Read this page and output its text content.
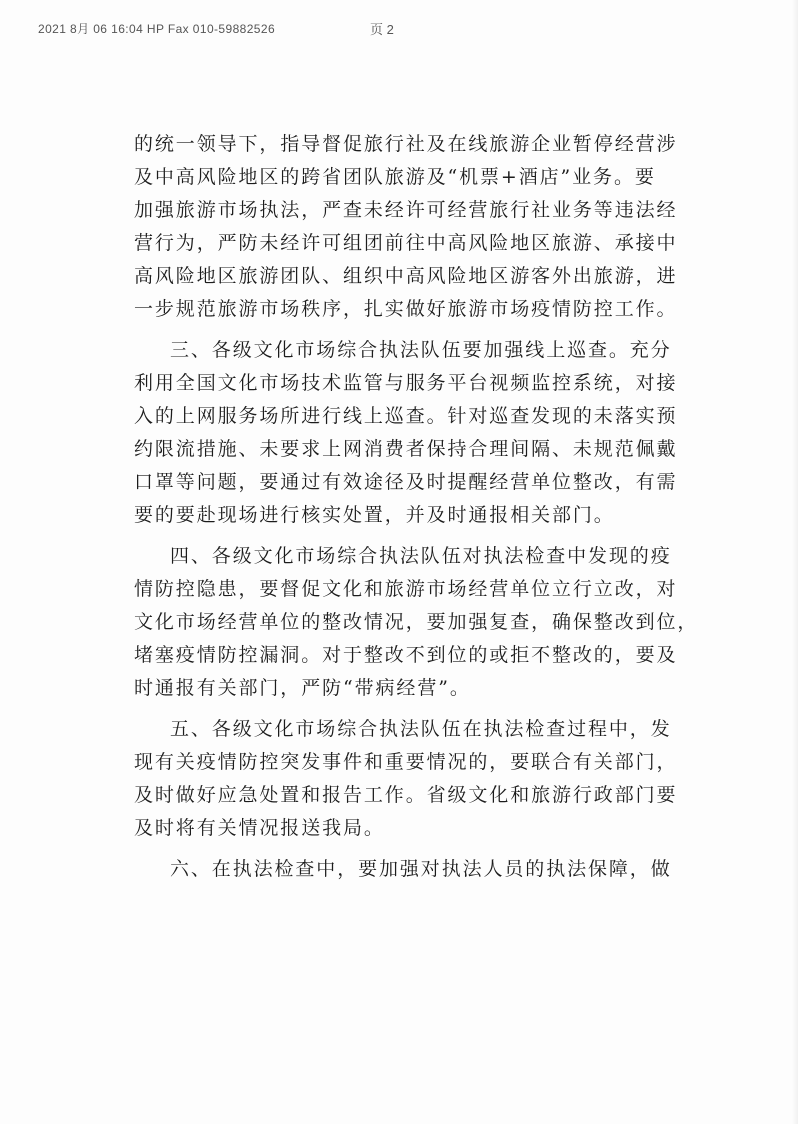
2021 8月 06 16:04 HP Fax 010-59882526	页 2
的统一领导下，指导督促旅行社及在线旅游企业暂停经营涉
及中高风险地区的跨省团队旅游及“机票+酒店”业务。要
加强旅游市场执法，严查未经许可经营旅行社业务等违法经
营行为，严防未经许可组团前往中高风险地区旅游、承接中
高风险地区旅游团队、组织中高风险地区游客外出旅游，进
一步规范旅游市场秩序，扎实做好旅游市场疫情防控工作。
三、各级文化市场综合执法队伍要加强线上巡查。充分
利用全国文化市场技术监管与服务平台视频监控系统，对接
入的上网服务场所进行线上巡查。针对巡查发现的未落实预
约限流措施、未要求上网消费者保持合理间隔、未规范佩戴
口罩等问题，要通过有效途径及时提醒经营单位整改，有需
要的要赴现场进行核实处置，并及时通报相关部门。
四、各级文化市场综合执法队伍对执法检查中发现的疫
情防控隐患，要督促文化和旅游市场经营单位立行立改，对
文化市场经营单位的整改情况，要加强复查，确保整改到位，
堵塞疫情防控漏洞。对于整改不到位的或拒不整改的，要及
时通报有关部门，严防“带病经营”。
五、各级文化市场综合执法队伍在执法检查过程中，发
现有关疫情防控突发事件和重要情况的，要联合有关部门，
及时做好应急处置和报告工作。省级文化和旅游行政部门要
及时将有关情况报送我局。
六、在执法检查中，要加强对执法人员的执法保障，做
